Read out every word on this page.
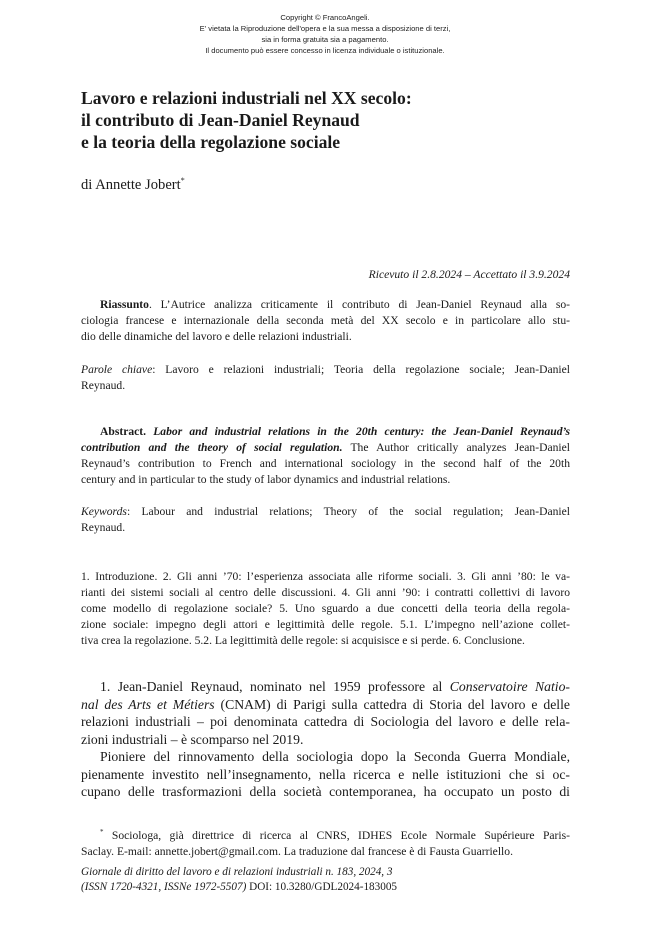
Copyright © FrancoAngeli.
E' vietata la Riproduzione dell'opera e la sua messa a disposizione di terzi,
sia in forma gratuita sia a pagamento.
Il documento può essere concesso in licenza individuale o istituzionale.
Lavoro e relazioni industriali nel XX secolo:
il contributo di Jean-Daniel Reynaud
e la teoria della regolazione sociale
di Annette Jobert*
Ricevuto il 2.8.2024 – Accettato il 3.9.2024
Riassunto. L’Autrice analizza criticamente il contributo di Jean-Daniel Reynaud alla so-
ciologia francese e internazionale della seconda metà del XX secolo e in particolare allo stu-
dio delle dinamiche del lavoro e delle relazioni industriali.
Parole chiave: Lavoro e relazioni industriali; Teoria della regolazione sociale; Jean-Daniel
Reynaud.
Abstract. Labor and industrial relations in the 20th century: the Jean-Daniel Reynaud’s
contribution and the theory of social regulation. The Author critically analyzes Jean-Daniel
Reynaud’s contribution to French and international sociology in the second half of the 20th
century and in particular to the study of labor dynamics and industrial relations.
Keywords: Labour and industrial relations; Theory of the social regulation; Jean-Daniel
Reynaud.
1. Introduzione. 2. Gli anni ’70: l’esperienza associata alle riforme sociali. 3. Gli anni ’80: le va-
rianti dei sistemi sociali al centro delle discussioni. 4. Gli anni ’90: i contratti collettivi di lavoro
come modello di regolazione sociale? 5. Uno sguardo a due concetti della teoria della regola-
zione sociale: impegno degli attori e legittimità delle regole. 5.1. L’impegno nell’azione collet-
tiva crea la regolazione. 5.2. La legittimità delle regole: si acquisisce e si perde. 6. Conclusione.
1. Jean-Daniel Reynaud, nominato nel 1959 professore al Conservatoire Natio-
nal des Arts et Métiers (CNAM) di Parigi sulla cattedra di Storia del lavoro e delle
relazioni industriali – poi denominata cattedra di Sociologia del lavoro e delle rela-
zioni industriali – è scomparso nel 2019.
Pioniere del rinnovamento della sociologia dopo la Seconda Guerra Mondiale,
pienamente investito nell’insegnamento, nella ricerca e nelle istituzioni che si oc-
cupano delle trasformazioni della società contemporanea, ha occupato un posto di
* Sociologa, già direttrice di ricerca al CNRS, IDHES Ecole Normale Supérieure Paris-
Saclay. E-mail: annette.jobert@gmail.com. La traduzione dal francese è di Fausta Guarriello.
Giornale di diritto del lavoro e di relazioni industriali n. 183, 2024, 3
(ISSN 1720-4321, ISSNe 1972-5507) DOI: 10.3280/GDL2024-183005
